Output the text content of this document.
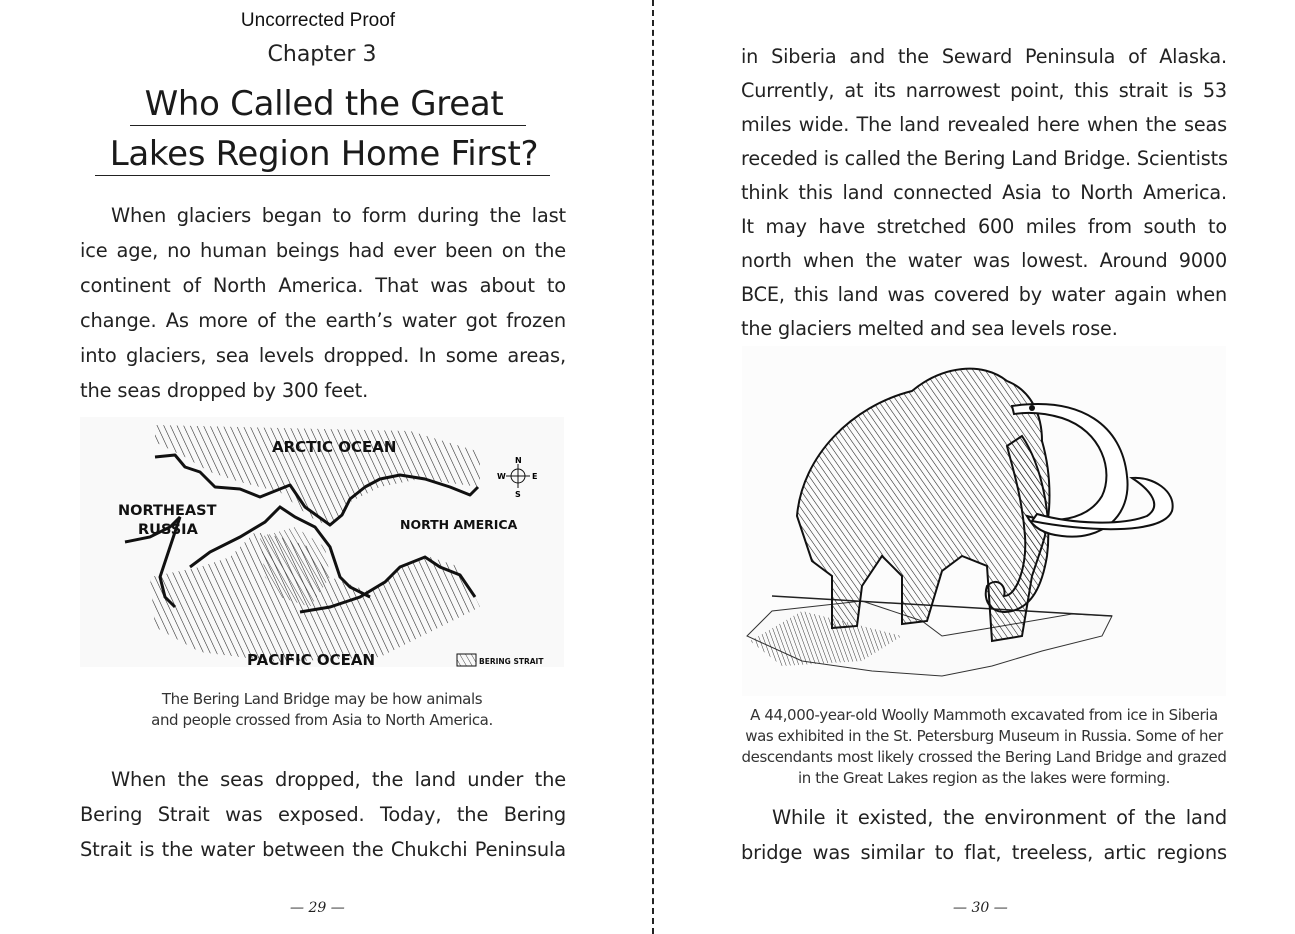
Uncorrected Proof
Chapter 3
Who Called the Great
Lakes Region Home First?
When glaciers began to form during the last
ice age, no human beings had ever been on the
continent of North America. That was about to
change. As more of the earth’s water got frozen
into glaciers, sea levels dropped. In some areas,
the seas dropped by 300 feet.
ARCTIC OCEAN
NORTHEAST
RUSSIA	NORTH AMERICA
PACIFIC OCEAN
N
S
E
W
BERING STRAIT
The Bering Land Bridge may be how animals
and people crossed from Asia to North America.
When the seas dropped, the land under the
Bering Strait was exposed. Today, the Bering
Strait is the water between the Chukchi Peninsula
— 29 —
in Siberia and the Seward Peninsula of Alaska.
Currently, at its narrowest point, this strait is 53
miles wide. The land revealed here when the seas
receded is called the Bering Land Bridge. Scientists
think this land connected Asia to North America.
It may have stretched 600 miles from south to
north when the water was lowest. Around 9000
BCE, this land was covered by water again when
the glaciers melted and sea levels rose.
A 44,000-year-old Woolly Mammoth excavated from ice in Siberia
was exhibited in the St. Petersburg Museum in Russia. Some of her
descendants most likely crossed the Bering Land Bridge and grazed
in the Great Lakes region as the lakes were forming.
While it existed, the environment of the land
bridge was similar to flat, treeless, artic regions
— 30 —
